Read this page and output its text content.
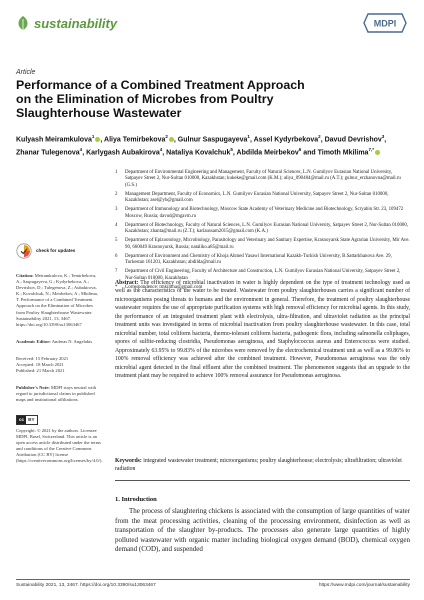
sustainability	MDPI
Article
Performance of a Combined Treatment Approach on the Elimination of Microbes from Poultry Slaughterhouse Wastewater

Kulyash Meiramkulova$^1$ , Aliya Temirbekova$^2$ , Gulnur Saspugayeva$^1$, Assel Kydyrbekova$^2$, Davud Devrishov$^3$, Zhanar Tulegenova$^4$, Karlygash Aubakirova$^4$, Nataliya Kovalchuk$^5$, Abdilda Meirbekov$^6$ and Timoth Mkilima$^{7,*}$

1	Department of Environmental Engineering and Management, Faculty of Natural Sciences, L.N. Gumilyov Eurasian National University, Satpayev Street 2, Nur-Sultan 010000, Kazakhstan; kukeke@gmail.com (K.M.); aliya_090484@mail.ru (A.T.); gulnur_erzhanovna@mail.ru (G.S.)
2	Management Department, Faculty of Economics, L.N. Gumilyov Eurasian National University, Satpayev Street 2, Nur-Sultan 010000, Kazakhstan; asel@yb@gmail.com
3	Department of Immunology and Biotechnology, Moscow State Academy of Veterinary Medicine and Biotechnology, Scryabin Str. 23, 109472 Moscow, Russia; davud@mgavm.ru
4	Department of Biotechnology, Faculty of Natural Sciences, L.N. Gumilyov Eurasian National University, Satpayev Street 2, Nur-Sultan 010000, Kazakhstan; zhanta@mail.ru (Z.T.); karlaussam2015@gmail.com (K.A.)
5	Department of Epizootology, Microbiology, Parasitology and Veterinary and Sanitary Expertise, Krasnoyarsk State Agrarian University, Mir Ave. 90, 660049 Krasnoyarsk, Russia; nataliko.a85@mail.ru
6	Department of Environment and Chemistry of Khoja Ahmed Yasawi International Kazakh-Turkish University, B.Sattarkhanova Ave. 29, Turkestan 161201, Kazakhstan; abdilda@mail.ru
7	Department of Civil Engineering, Faculty of Architecture and Construction, L.N. Gumilyov Eurasian National University, Satpayev Street 2, Nur-Sultan 010000, Kazakhstan
*	Correspondence: tmkilima@gmail.com
check for updates

Citation: Meiramkulova, K.; Temirbekova, A.; Saspugayeva, G.; Kydyrbekova, A.; Devrishov, D.; Tulegenova, Z.; Aubakirova, K.; Kovalchuk, N.; Meirbekov, A.; Mkilima, T. Performance of a Combined Treatment Approach on the Elimination of Microbes from Poultry Slaughterhouse Wastewater. Sustainability 2021, 13, 3467. https://doi.org/10.3390/su13063467

Academic Editor: Andreas N. Angelakis

Received: 15 February 2021
Accepted: 18 March 2021
Published: 21 March 2021

Publisher's Note: MDPI stays neutral with regard to jurisdictional claims in published maps and institutional affiliations.

cc BY

Copyright: © 2021 by the authors. Licensee MDPI, Basel, Switzerland. This article is an open access article distributed under the terms and conditions of the Creative Commons Attribution (CC BY) license (https://creativecommons.org/licenses/by/4.0/).

Abstract: The efficiency of microbial inactivation in water is highly dependent on the type of treatment technology used as well as the characteristics of the water to be treated. Wastewater from poultry slaughterhouses carries a significant number of microorganisms posing threats to humans and the environment in general. Therefore, the treatment of poultry slaughterhouse wastewater requires the use of appropriate purification systems with high removal efficiency for microbial agents. In this study, the performance of an integrated treatment plant with electrolysis, ultra-filtration, and ultraviolet radiation as the principal treatment units was investigated in terms of microbial inactivation from poultry slaughterhouse wastewater. In this case, total microbial number, total coliform bacteria, thermo-tolerant coliform bacteria, pathogenic flora, including salmonella coliphages, spores of sulfite-reducing clostridia, Pseudomonas aeruginosa, and Staphylococcus aureus and Enterococcus were studied. Approximately 63.95% to 99.83% of the microbes were removed by the electrochemical treatment unit as well as a 99.86% to 100% removal efficiency was achieved after the combined treatment. However, Pseudomonas aeruginosa was the only microbial agent detected in the final effluent after the combined treatment. The phenomenon suggests that an upgrade to the treatment plant may be required to achieve 100% removal assurance for Pseudomonas aeruginosa.

Keywords: integrated wastewater treatment; microorganisms; poultry slaughterhouse; electrolysis; ultrafiltration; ultraviolet radiation

1. Introduction

The process of slaughtering chickens is associated with the consumption of large quantities of water from the meat processing activities, cleaning of the processing environment, disinfection as well as transportation of the slaughter by-products. The processes also generate large quantities of highly polluted wastewater with organic matter including biological oxygen demand (BOD), chemical oxygen demand (COD), and suspended

Sustainability 2021, 13, 3467. https://doi.org/10.3390/su13063467	https://www.mdpi.com/journal/sustainability
